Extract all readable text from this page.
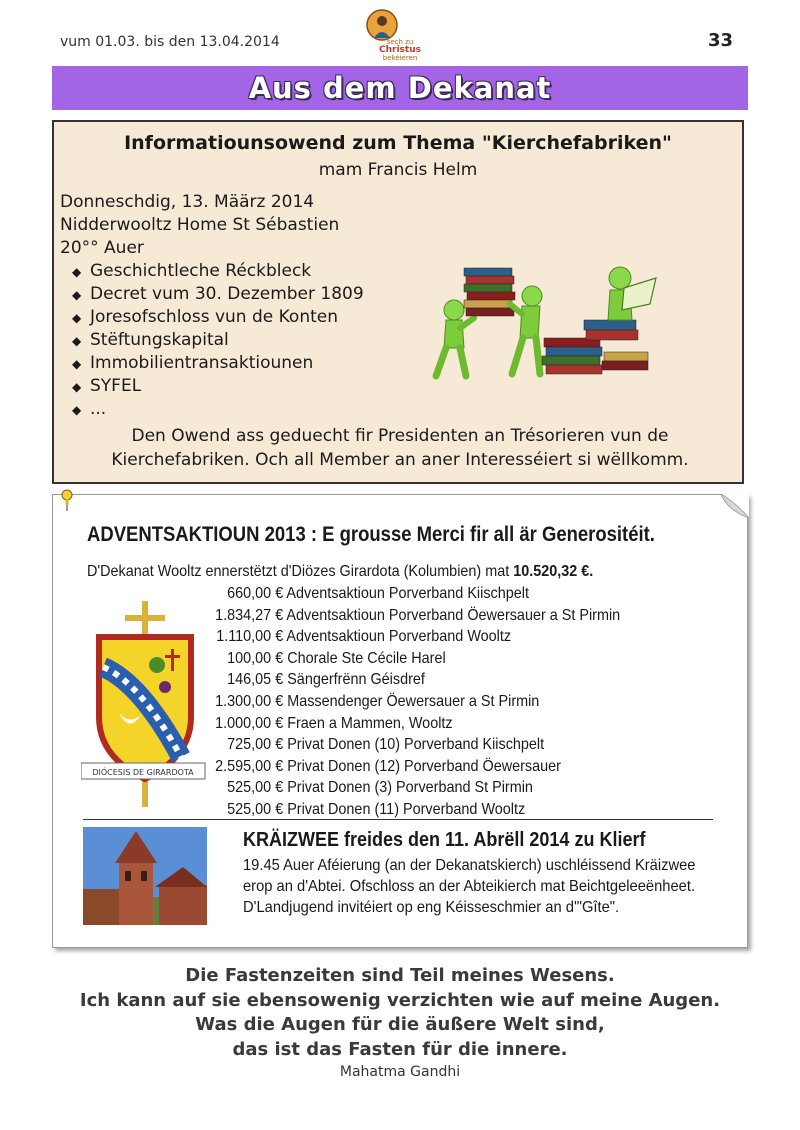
vum 01.03. bis den 13.04.2014	sech zu
Christus
bekéieren
33
Aus dem Dekanat
Informatiounsowend zum Thema "Kierchefabriken"
mam Francis Helm
Donneschdig, 13. Määrz 2014
Nidderwooltz Home St Sébastien
20°° Auer
◆ Geschichtleche Réckbleck
◆ Decret vum 30. Dezember 1809
◆ Joresofschloss vun de Konten
◆ Stëftungskapital
◆ Immobilientransaktiounen
◆ SYFEL
◆ ...
Den Owend ass geduecht fir Presidenten an Trésorieren vun de
Kierchefabriken. Och all Member an aner Interesséiert si wëllkomm.
ADVENTSAKTIOUN 2013 : E grousse Merci fir all är Generositéit.
D'Dekanat Wooltz ennerstëtzt d'Diözes Girardota (Kolumbien) mat 10.520,32 €.
DIÓCESIS DE GIRARDOTA
660,00 € Adventsaktioun Porverband Kiischpelt
1.834,27 € Adventsaktioun Porverband Öewersauer a St Pirmin
1.110,00 € Adventsaktioun Porverband Wooltz
100,00 € Chorale Ste Cécile Harel
146,05 € Sängerfrënn Géisdref
1.300,00 € Massendenger Öewersauer a St Pirmin
1.000,00 € Fraen a Mammen, Wooltz
725,00 € Privat Donen (10) Porverband Kiischpelt
2.595,00 € Privat Donen (12) Porverband Öewersauer
525,00 € Privat Donen (3) Porverband St Pirmin
525,00 € Privat Donen (11) Porverband Wooltz
KRÄIZWEE freides den 11. Abrëll 2014 zu Klierf
19.45 Auer Aféierung (an der Dekanatskierch) uschléissend Kräizwee
erop an d'Abtei. Ofschloss an der Abteikierch mat Beichtgeleeënheet.
D'Landjugend invitéiert op eng Kéisseschmier an d'"Gîte".
Die Fastenzeiten sind Teil meines Wesens.
Ich kann auf sie ebensowenig verzichten wie auf meine Augen.
Was die Augen für die äußere Welt sind,
das ist das Fasten für die innere.
Mahatma Gandhi
